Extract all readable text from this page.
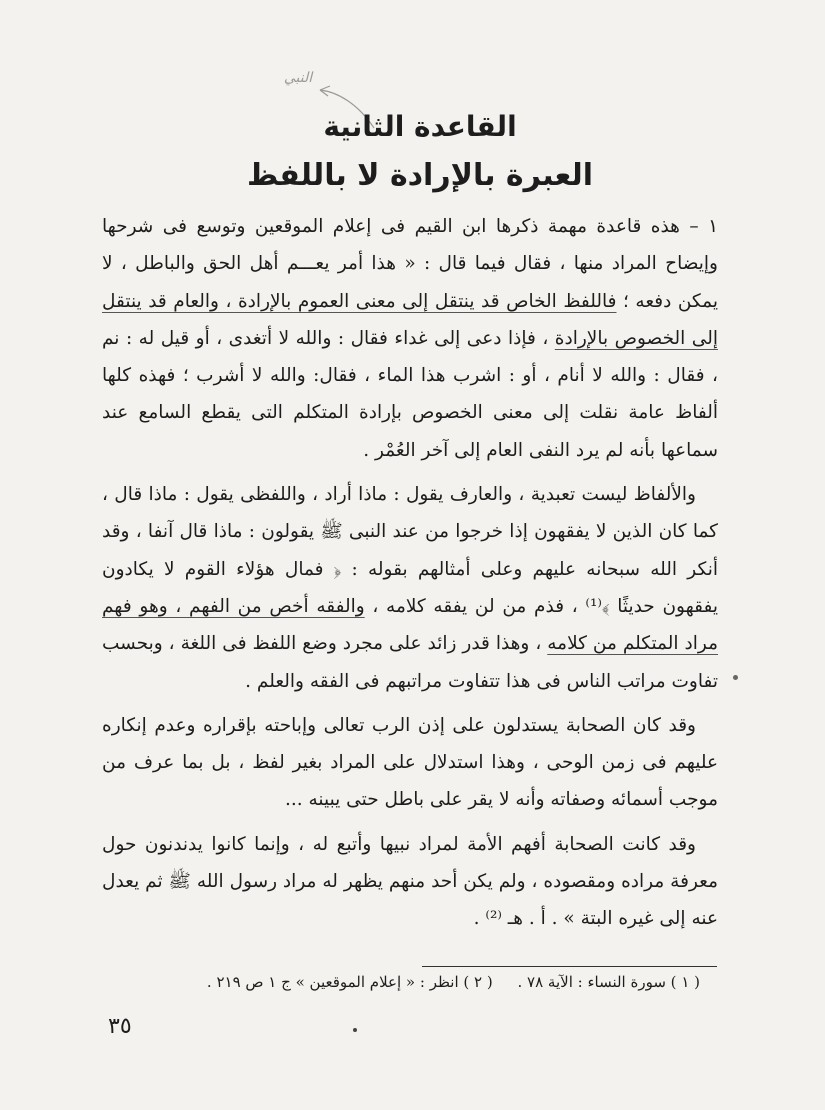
النبي
القاعدة الثانية
العبرة بالإرادة لا باللفظ

١ – هذه قاعدة مهمة ذكرها ابن القيم فى إعلام الموقعين وتوسع فى شرحها وإيضاح المراد منها ، فقال فيما قال : « هذا أمر يعـــم أهل الحق والباطل ، لا يمكن دفعه ؛ فاللفظ الخاص قد ينتقل إلى معنى العموم بالإرادة ، والعام قد ينتقل إلى الخصوص بالإرادة ، فإذا دعى إلى غداء فقال : والله لا أتغدى ، أو قيل له : نم ، فقال : والله لا أنام ، أو : اشرب هذا الماء ، فقال: والله لا أشرب ؛ فهذه كلها ألفاظ عامة نقلت إلى معنى الخصوص بإرادة المتكلم التى يقطع السامع عند سماعها بأنه لم يرد النفى العام إلى آخر العُمْر .

والألفاظ ليست تعبدية ، والعارف يقول : ماذا أراد ، واللفظى يقول : ماذا قال ، كما كان الذين لا يفقهون إذا خرجوا من عند النبى ﷺ يقولون : ماذا قال آنفا ، وقد أنكر الله سبحانه عليهم وعلى أمثالهم بقوله : ﴿ فمال هؤلاء القوم لا يكادون يفقهون حديثًا ﴾⁽¹⁾ ، فذم من لن يفقه كلامه ، والفقه أخص من الفهم ، وهو فهم مراد المتكلم من كلامه ، وهذا قدر زائد على مجرد وضع اللفظ فى اللغة ، وبحسب تفاوت مراتب الناس فى هذا تتفاوت مراتبهم فى الفقه والعلم .

وقد كان الصحابة يستدلون على إذن الرب تعالى وإباحته بإقراره وعدم إنكاره عليهم فى زمن الوحى ، وهذا استدلال على المراد بغير لفظ ، بل بما عرف من موجب أسمائه وصفاته وأنه لا يقر على باطل حتى يبينه ...

وقد كانت الصحابة أفهم الأمة لمراد نبيها وأتبع له ، وإنما كانوا يدندنون حول معرفة مراده ومقصوده ، ولم يكن أحد منهم يظهر له مراد رسول الله ﷺ ثم يعدل عنه إلى غيره البتة » . أ . هـ ⁽²⁾ .

( ١ ) سورة النساء : الآية ٧٨ . ( ٢ ) انظر : « إعلام الموقعين » ج ١ ص ٢١٩ .
٣٥
